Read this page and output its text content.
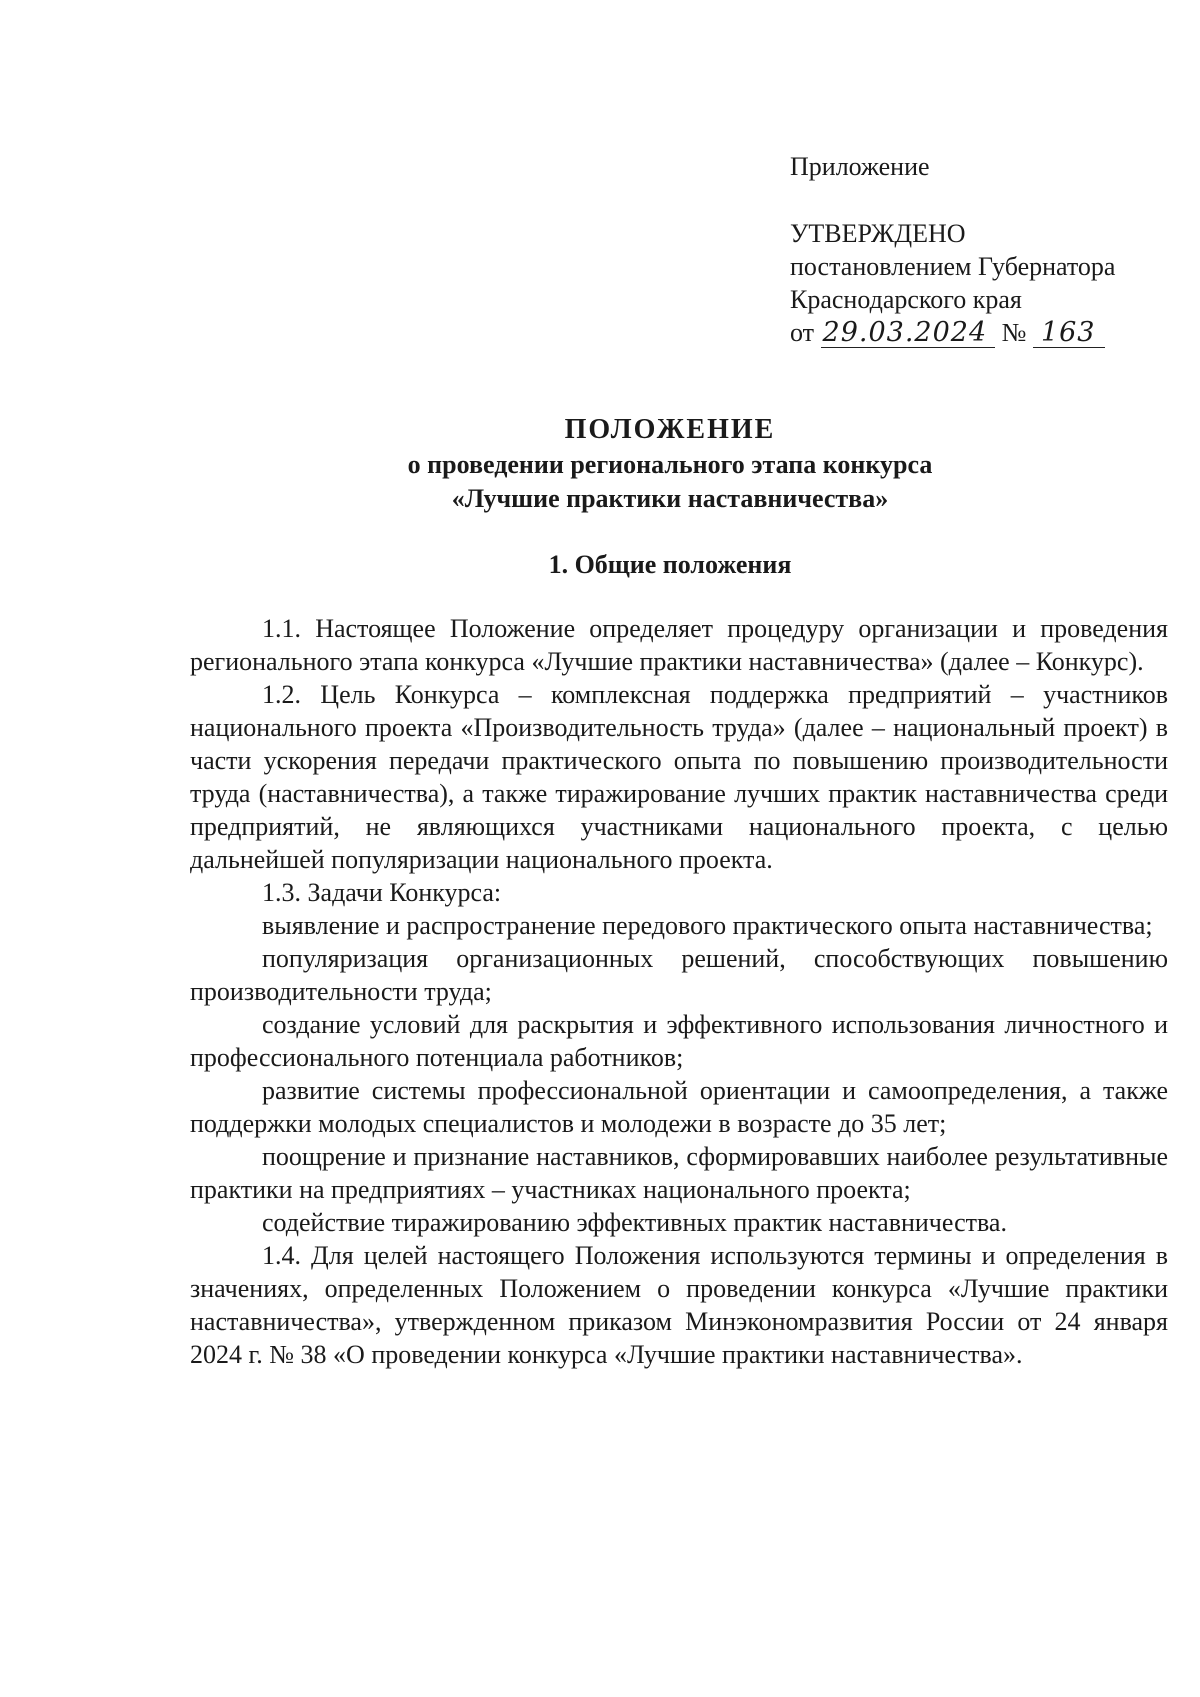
Приложение
УТВЕРЖДЕНО
постановлением Губернатора
Краснодарского края
от 29.03.2024 № 163
ПОЛОЖЕНИЕ
о проведении регионального этапа конкурса
«Лучшие практики наставничества»
1. Общие положения

1.1. Настоящее Положение определяет процедуру организации и проведения регионального этапа конкурса «Лучшие практики наставничества» (далее – Конкурс).

1.2. Цель Конкурса – комплексная поддержка предприятий – участников национального проекта «Производительность труда» (далее – национальный проект) в части ускорения передачи практического опыта по повышению производительности труда (наставничества), а также тиражирование лучших практик наставничества среди предприятий, не являющихся участниками национального проекта, с целью дальнейшей популяризации национального проекта.

1.3. Задачи Конкурса:

выявление и распространение передового практического опыта наставничества;

популяризация организационных решений, способствующих повышению производительности труда;

создание условий для раскрытия и эффективного использования личностного и профессионального потенциала работников;

развитие системы профессиональной ориентации и самоопределения, а также поддержки молодых специалистов и молодежи в возрасте до 35 лет;

поощрение и признание наставников, сформировавших наиболее результативные практики на предприятиях – участниках национального проекта;

содействие тиражированию эффективных практик наставничества.

1.4. Для целей настоящего Положения используются термины и определения в значениях, определенных Положением о проведении конкурса «Лучшие практики наставничества», утвержденном приказом Минэкономразвития России от 24 января 2024 г. № 38 «О проведении конкурса «Лучшие практики наставничества».
